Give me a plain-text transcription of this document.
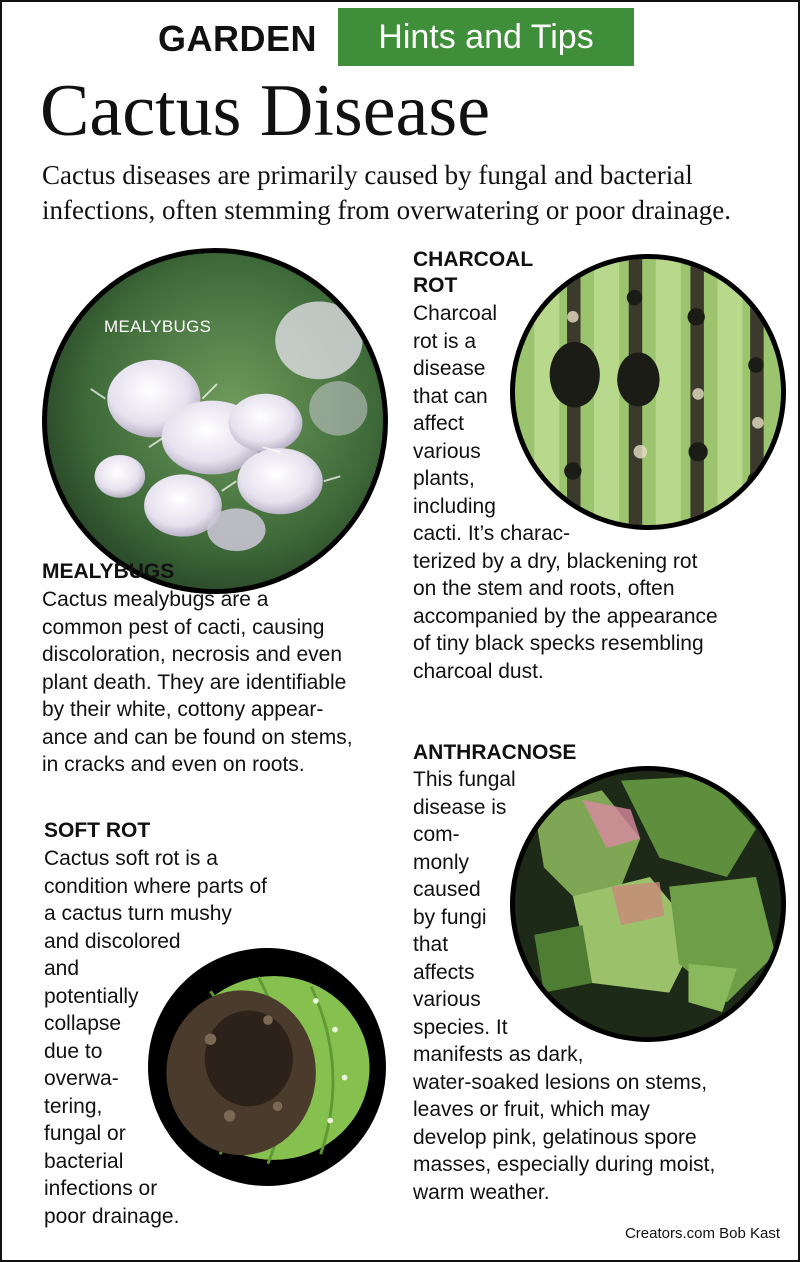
GARDEN	Hints and Tips
Cactus Disease
Cactus diseases are primarily caused by fungal and bacterial infections, often stemming from overwatering or poor drainage.
MEALYBUGS
MEALYBUGS
Cactus mealybugs are a
common pest of cacti, causing
discoloration, necrosis and even
plant death. They are identifiable
by their white, cottony appear-
ance and can be found on stems,
in cracks and even on roots.
CHARCOAL
ROT
Charcoal
rot is a
disease
that can
affect
various
plants,
including
cacti. It’s charac-
terized by a dry, blackening rot
on the stem and roots, often
accompanied by the appearance
of tiny black specks resembling
charcoal dust.
SOFT ROT
Cactus soft rot is a
condition where parts of
a cactus turn mushy
and discolored
and
potentially
collapse
due to
overwa-
tering,
fungal or
bacterial
infections or
poor drainage.
ANTHRACNOSE
This fungal
disease is
com-
monly
caused
by fungi
that
affects
various
species. It
manifests as dark,
water-soaked lesions on stems,
leaves or fruit, which may
develop pink, gelatinous spore
masses, especially during moist,
warm weather.
Creators.com Bob Kast
